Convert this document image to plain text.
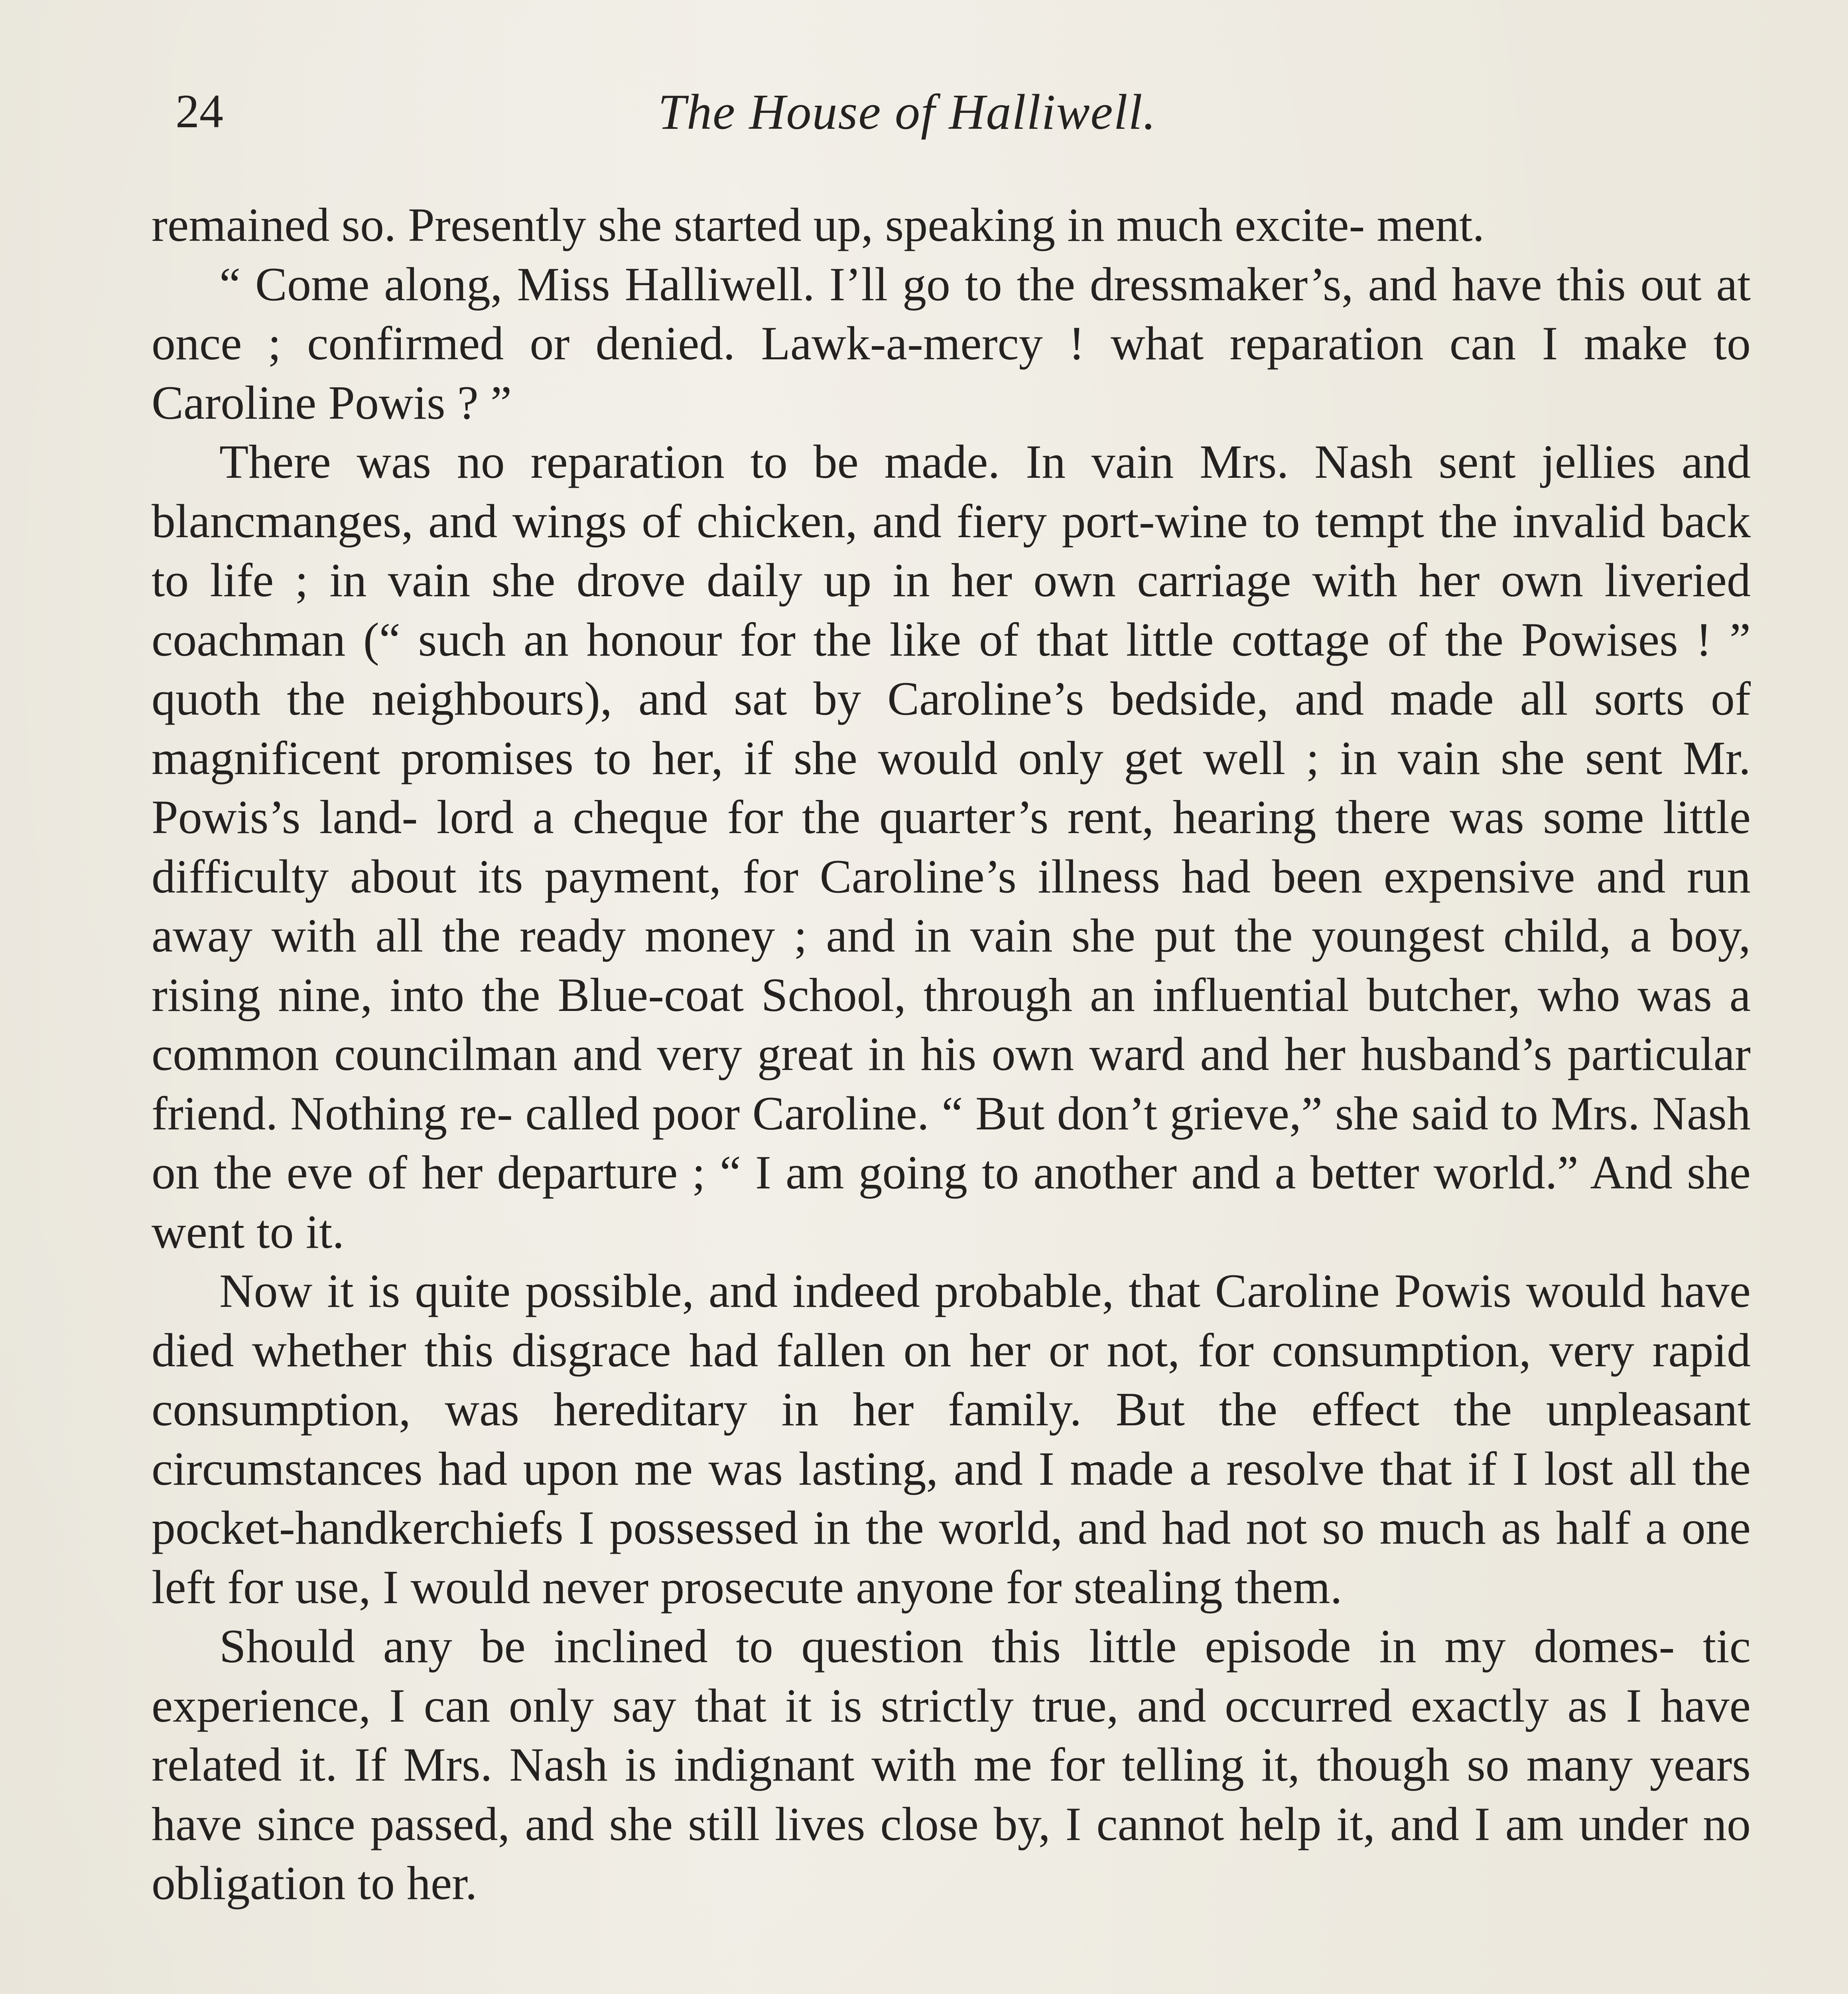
24	The House of Halliwell.

remained so. Presently she started up, speaking in much excite- ment.

“ Come along, Miss Halliwell. I’ll go to the dressmaker’s, and have this out at once ; confirmed or denied. Lawk-a-mercy ! what reparation can I make to Caroline Powis ? ”

There was no reparation to be made. In vain Mrs. Nash sent jellies and blancmanges, and wings of chicken, and fiery port-wine to tempt the invalid back to life ; in vain she drove daily up in her own carriage with her own liveried coachman (“ such an honour for the like of that little cottage of the Powises ! ” quoth the neighbours), and sat by Caroline’s bedside, and made all sorts of magnificent promises to her, if she would only get well ; in vain she sent Mr. Powis’s land- lord a cheque for the quarter’s rent, hearing there was some little difficulty about its payment, for Caroline’s illness had been expensive and run away with all the ready money ; and in vain she put the youngest child, a boy, rising nine, into the Blue-coat School, through an influential butcher, who was a common councilman and very great in his own ward and her husband’s particular friend. Nothing re- called poor Caroline. “ But don’t grieve,” she said to Mrs. Nash on the eve of her departure ; “ I am going to another and a better world.” And she went to it.

Now it is quite possible, and indeed probable, that Caroline Powis would have died whether this disgrace had fallen on her or not, for consumption, very rapid consumption, was hereditary in her family. But the effect the unpleasant circumstances had upon me was lasting, and I made a resolve that if I lost all the pocket-handkerchiefs I possessed in the world, and had not so much as half a one left for use, I would never prosecute anyone for stealing them.

Should any be inclined to question this little episode in my domes- tic experience, I can only say that it is strictly true, and occurred exactly as I have related it. If Mrs. Nash is indignant with me for telling it, though so many years have since passed, and she still lives close by, I cannot help it, and I am under no obligation to her.
